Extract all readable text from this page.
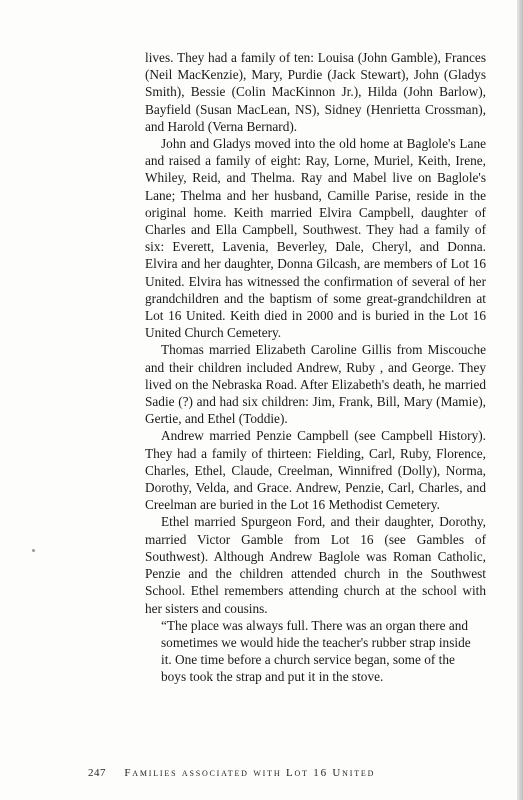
lives. They had a family of ten: Louisa (John Gamble), Frances (Neil MacKenzie), Mary, Purdie (Jack Stewart), John (Gladys Smith), Bessie (Colin MacKinnon Jr.), Hilda (John Barlow), Bayfield (Susan MacLean, NS), Sidney (Henrietta Crossman), and Harold (Verna Bernard).

John and Gladys moved into the old home at Baglole's Lane and raised a family of eight: Ray, Lorne, Muriel, Keith, Irene, Whiley, Reid, and Thelma. Ray and Mabel live on Baglole's Lane; Thelma and her husband, Camille Parise, reside in the original home. Keith married Elvira Campbell, daughter of Charles and Ella Campbell, Southwest. They had a family of six: Everett, Lavenia, Beverley, Dale, Cheryl, and Donna. Elvira and her daughter, Donna Gilcash, are members of Lot 16 United. Elvira has witnessed the confirmation of several of her grandchildren and the baptism of some great-grandchildren at Lot 16 United. Keith died in 2000 and is buried in the Lot 16 United Church Cemetery.

Thomas married Elizabeth Caroline Gillis from Miscouche and their children included Andrew, Ruby , and George. They lived on the Nebraska Road. After Elizabeth's death, he married Sadie (?) and had six children: Jim, Frank, Bill, Mary (Mamie), Gertie, and Ethel (Toddie).

Andrew married Penzie Campbell (see Campbell History). They had a family of thirteen: Fielding, Carl, Ruby, Florence, Charles, Ethel, Claude, Creelman, Winnifred (Dolly), Norma, Dorothy, Velda, and Grace. Andrew, Penzie, Carl, Charles, and Creelman are buried in the Lot 16 Methodist Cemetery.

Ethel married Spurgeon Ford, and their daughter, Dorothy, married Victor Gamble from Lot 16 (see Gambles of Southwest). Although Andrew Baglole was Roman Catholic, Penzie and the children attended church in the Southwest School. Ethel remembers attending church at the school with her sisters and cousins.

“The place was always full. There was an organ there and sometimes we would hide the teacher's rubber strap inside it. One time before a church service began, some of the boys took the strap and put it in the stove.

247 Families associated with Lot 16 United
